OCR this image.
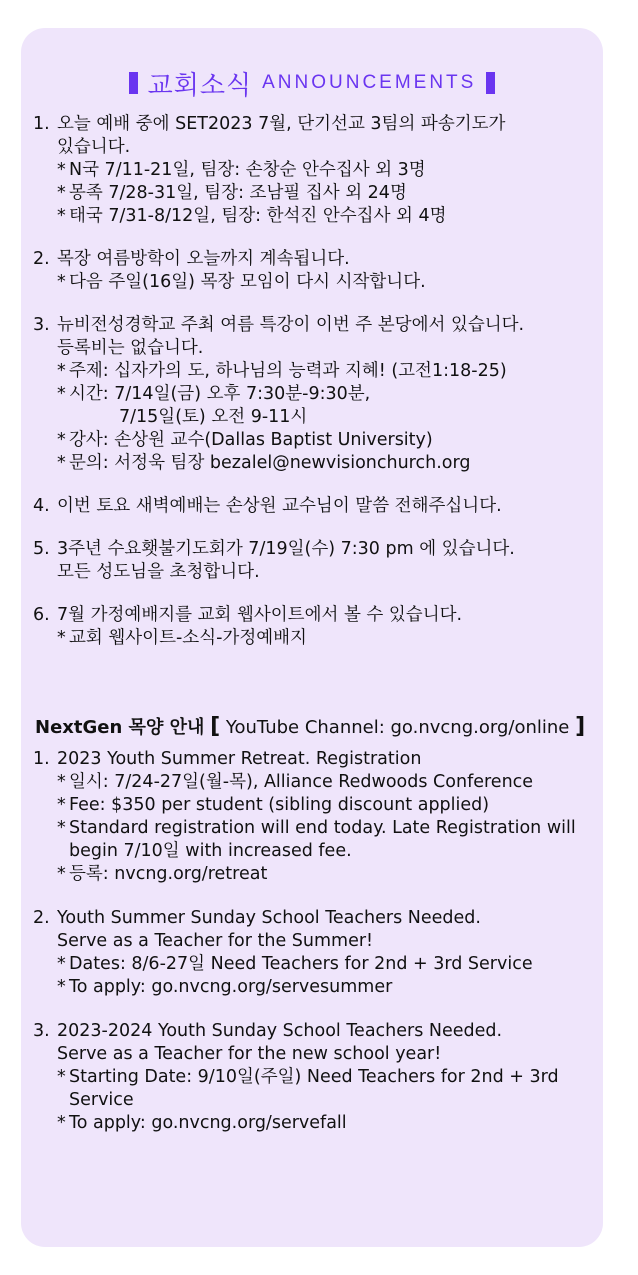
교회소식 ANNOUNCEMENTS
1. 오늘 예배 중에 SET2023 7월, 단기선교 3팀의 파송기도가
있습니다.
* N국 7/11-21일, 팀장: 손창순 안수집사 외 3명
* 몽족 7/28-31일, 팀장: 조남필 집사 외 24명
* 태국 7/31-8/12일, 팀장: 한석진 안수집사 외 4명
2. 목장 여름방학이 오늘까지 계속됩니다.
* 다음 주일(16일) 목장 모임이 다시 시작합니다.
3. 뉴비전성경학교 주최 여름 특강이 이번 주 본당에서 있습니다.
등록비는 없습니다.
* 주제: 십자가의 도, 하나님의 능력과 지혜! (고전1:18-25)
* 시간: 7/14일(금) 오후 7:30분-9:30분,
7/15일(토) 오전 9-11시
* 강사: 손상원 교수(Dallas Baptist University)
* 문의: 서정욱 팀장 bezalel@newvisionchurch.org
4. 이번 토요 새벽예배는 손상원 교수님이 말씀 전해주십니다.
5. 3주년 수요횃불기도회가 7/19일(수) 7:30 pm 에 있습니다.
모든 성도님을 초청합니다.
6. 7월 가정예배지를 교회 웹사이트에서 볼 수 있습니다.
* 교회 웹사이트-소식-가정예배지
NextGen 목양 안내 [ YouTube Channel: go.nvcng.org/online ]
1. 2023 Youth Summer Retreat. Registration
* 일시: 7/24-27일(월-목), Alliance Redwoods Conference
* Fee: $350 per student (sibling discount applied)
* Standard registration will end today. Late Registration will begin 7/10일 with increased fee.
* 등록: nvcng.org/retreat
2. Youth Summer Sunday School Teachers Needed.
Serve as a Teacher for the Summer!
* Dates: 8/6-27일 Need Teachers for 2nd + 3rd Service
* To apply: go.nvcng.org/servesummer
3. 2023-2024 Youth Sunday School Teachers Needed.
Serve as a Teacher for the new school year!
* Starting Date: 9/10일(주일) Need Teachers for 2nd + 3rd Service
* To apply: go.nvcng.org/servefall
